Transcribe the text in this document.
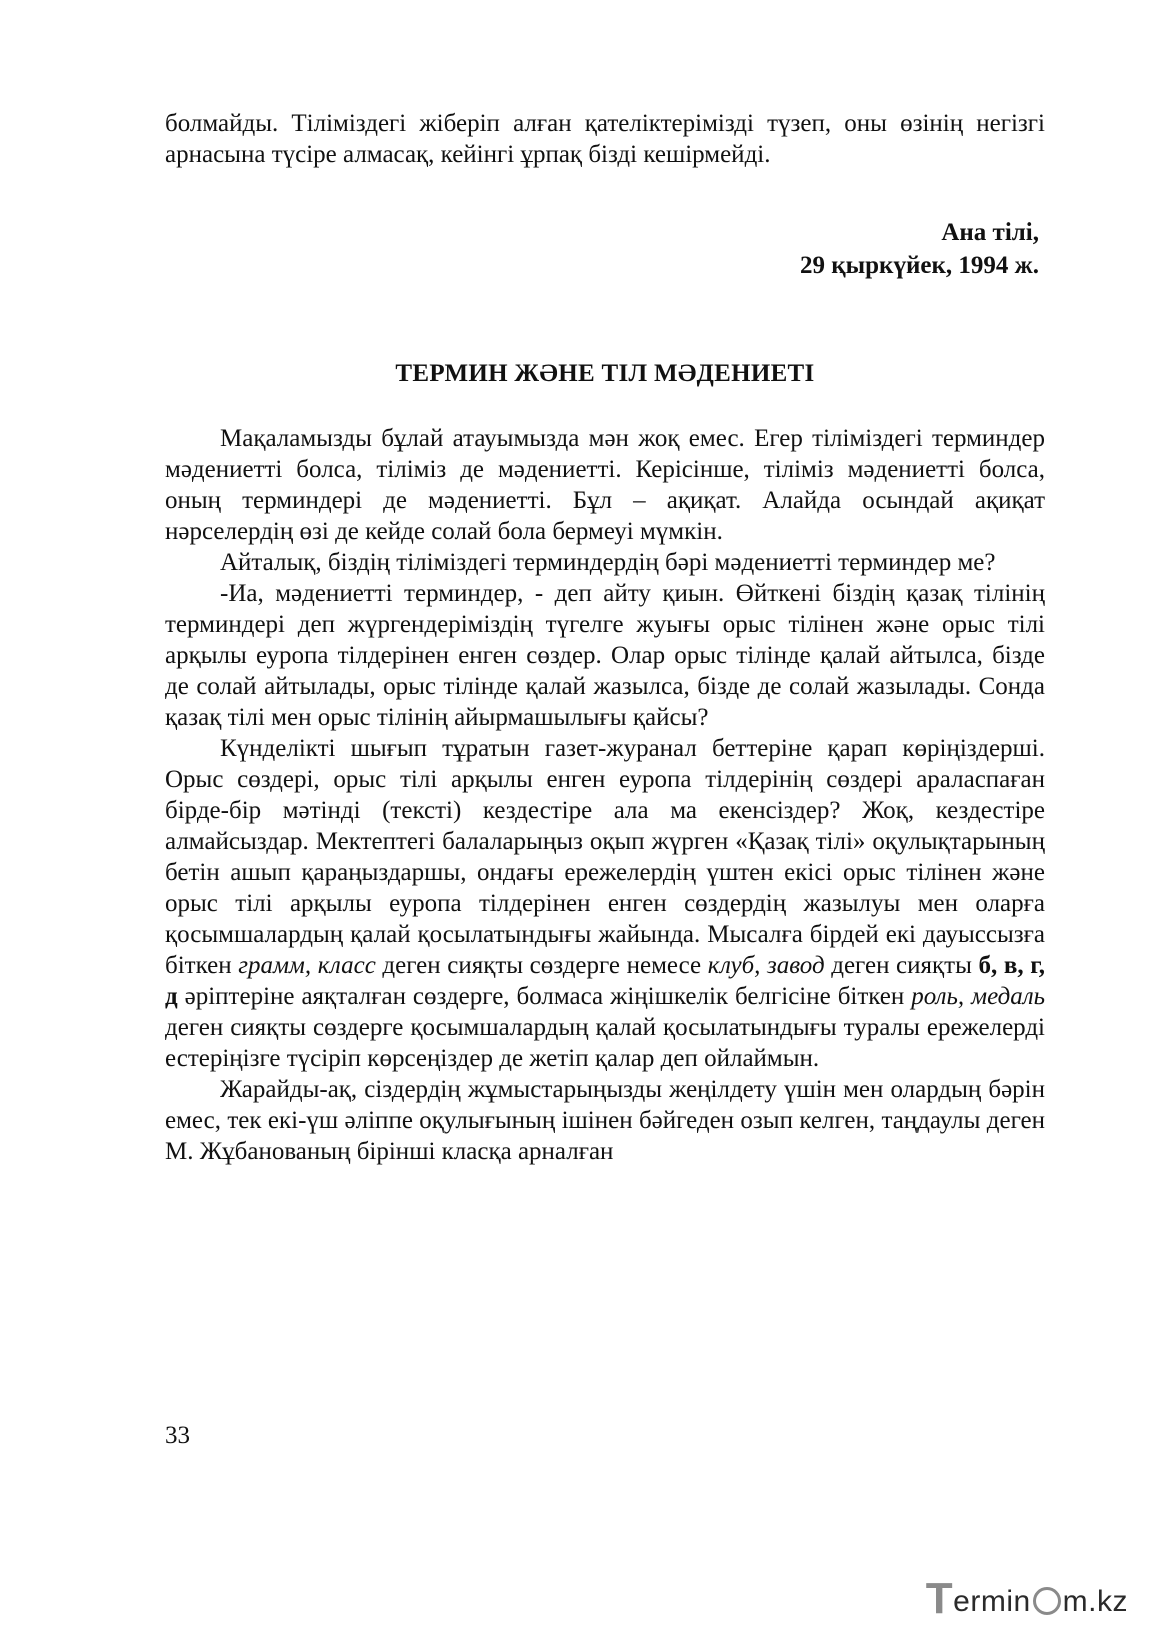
болмайды. Тіліміздегі жіберіп алған қателіктерімізді түзеп, оны өзінің негізгі арнасына түсіре алмасақ, кейінгі ұрпақ бізді кешірмейді.

Ана тілі,
29 қыркүйек, 1994 ж.
ТЕРМИН ЖӘНЕ ТІЛ МӘДЕНИЕТІ

Мақаламызды бұлай атауымызда мән жоқ емес. Егер тіліміздегі терминдер мәдениетті болса, тіліміз де мәдениетті. Керісінше, тіліміз мәдениетті болса, оның терминдері де мәдениетті. Бұл – ақиқат. Алайда осындай ақиқат нәрселердің өзі де кейде солай бола бермеуі мүмкін.

Айталық, біздің тіліміздегі терминдердің бәрі мәдениетті терминдер ме?

-Иа, мәдениетті терминдер, - деп айту қиын. Өйткені біздің қазақ тілінің терминдері деп жүргендеріміздің түгелге жуығы орыс тілінен және орыс тілі арқылы еуропа тілдерінен енген сөздер. Олар орыс тілінде қалай айтылса, бізде де солай айтылады, орыс тілінде қалай жазылса, бізде де солай жазылады. Сонда қазақ тілі мен орыс тілінің айырмашылығы қайсы?

Күнделікті шығып тұратын газет-журанал беттеріне қарап көріңіздерші. Орыс сөздері, орыс тілі арқылы енген еуропа тілдерінің сөздері араласпаған бірде-бір мәтінді (тексті) кездестіре ала ма екенсіздер? Жоқ, кездестіре алмайсыздар. Мектептегі балаларыңыз оқып жүрген «Қазақ тілі» оқулықтарының бетін ашып қараңыздаршы, ондағы ережелердің үштен екісі орыс тілінен және орыс тілі арқылы еуропа тілдерінен енген сөздердің жазылуы мен оларға қосымшалардың қалай қосылатындығы жайында. Мысалға бірдей екі дауыссызға біткен грамм, класс деген сияқты сөздерге немесе клуб, завод деген сияқты б, в, г, д әріптеріне аяқталған сөздерге, болмаса жіңішкелік белгісіне біткен роль, медаль деген сияқты сөздерге қосымшалардың қалай қосылатындығы туралы ережелерді естеріңізге түсіріп көрсеңіздер де жетіп қалар деп ойлаймын.

Жарайды-ақ, сіздердің жұмыстарыңызды жеңілдету үшін мен олардың бәрін емес, тек екі-үш әліппе оқулығының ішінен бәйгеден озып келген, таңдаулы деген М. Жұбанованың бірінші класқа арналған

33
T ermin m.kz
